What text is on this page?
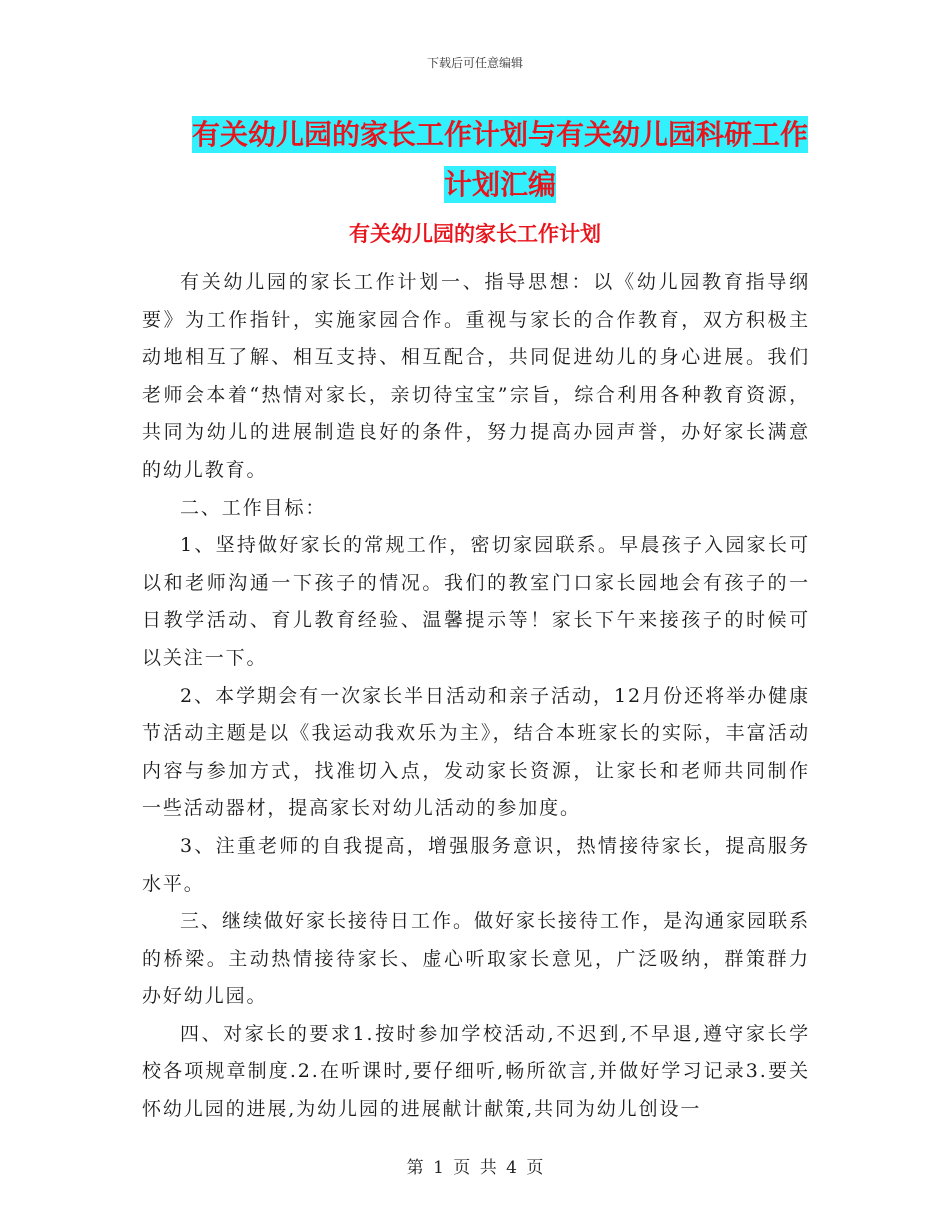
下载后可任意编辑
有关幼儿园的家长工作计划与有关幼儿园科研工作计划汇编
有关幼儿园的家长工作计划

有关幼儿园的家长工作计划一、指导思想：以《幼儿园教育指导纲要》为工作指针，实施家园合作。重视与家长的合作教育，双方积极主动地相互了解、相互支持、相互配合，共同促进幼儿的身心进展。我们老师会本着“热情对家长，亲切待宝宝”宗旨，综合利用各种教育资源，共同为幼儿的进展制造良好的条件，努力提高办园声誉，办好家长满意的幼儿教育。

二、工作目标：

1、坚持做好家长的常规工作，密切家园联系。早晨孩子入园家长可以和老师沟通一下孩子的情况。我们的教室门口家长园地会有孩子的一日教学活动、育儿教育经验、温馨提示等！家长下午来接孩子的时候可以关注一下。

2、本学期会有一次家长半日活动和亲子活动，12月份还将举办健康节活动主题是以《我运动我欢乐为主》，结合本班家长的实际，丰富活动内容与参加方式，找准切入点，发动家长资源，让家长和老师共同制作一些活动器材，提高家长对幼儿活动的参加度。

3、注重老师的自我提高，增强服务意识，热情接待家长，提高服务水平。

三、继续做好家长接待日工作。做好家长接待工作，是沟通家园联系的桥梁。主动热情接待家长、虚心听取家长意见，广泛吸纳，群策群力办好幼儿园。

四、对家长的要求1.按时参加学校活动,不迟到,不早退,遵守家长学校各项规章制度.2.在听课时,要仔细听,畅所欲言,并做好学习记录3.要关怀幼儿园的进展,为幼儿园的进展献计献策,共同为幼儿创设一

第 1 页 共 4 页
